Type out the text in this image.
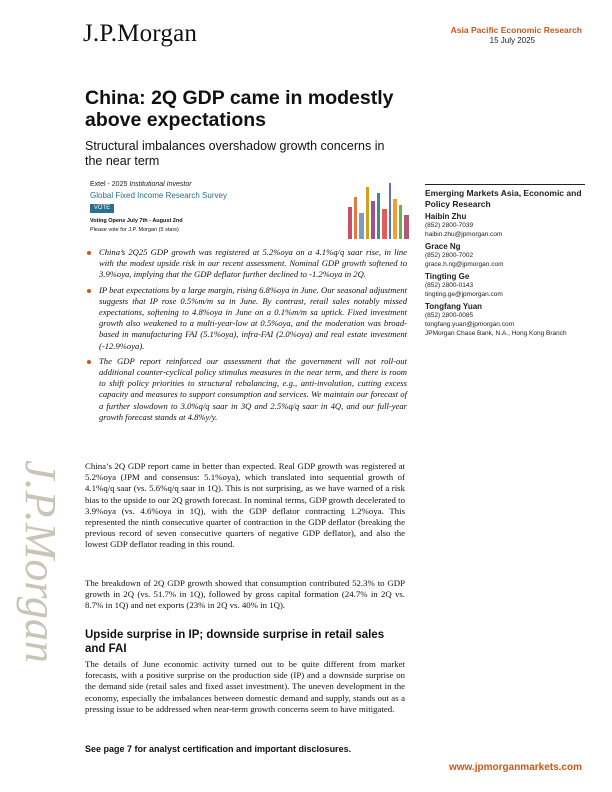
J.P.Morgan	Asia Pacific Economic Research
15 July 2025
China: 2Q GDP came in modestly above expectations
Structural imbalances overshadow growth concerns in the near term
Extel - 2025 Institutional Investor
Global Fixed Income Research Survey
VOTE
Voting Opens July 7th - August 2nd
Please vote for J.P. Morgan (5 stars)
China’s 2Q25 GDP growth was registered at 5.2%oya on a 4.1%q/q saar rise, in line with the modest upside risk in our recent assessment. Nominal GDP growth softened to 3.9%oya, implying that the GDP deflator further declined to -1.2%oya in 2Q.
IP beat expectations by a large margin, rising 6.8%oya in June. Our seasonal adjustment suggests that IP rose 0.5%m/m sa in June. By contrast, retail sales notably missed expectations, softening to 4.8%oya in June on a 0.1%m/m sa uptick. Fixed investment growth also weakened to a multi-year-low at 0.5%oya, and the moderation was broad-based in manufacturing FAI (5.1%oya), infra-FAI (2.0%oya) and real estate investment (-12.9%oya).
The GDP report reinforced our assessment that the government will not roll-out additional counter-cyclical policy stimulus measures in the near term, and there is room to shift policy priorities to structural rebalancing, e.g., anti-involution, cutting excess capacity and measures to support consumption and services. We maintain our forecast of a further slowdown to 3.0%q/q saar in 3Q and 2.5%q/q saar in 4Q, and our full-year growth forecast stands at 4.8%y/y.
China’s 2Q GDP report came in better than expected. Real GDP growth was registered at 5.2%oya (JPM and consensus: 5.1%oya), which translated into sequential growth of 4.1%q/q saar (vs. 5.6%q/q saar in 1Q). This is not surprising, as we have warned of a risk bias to the upside to our 2Q growth forecast. In nominal terms, GDP growth decelerated to 3.9%oya (vs. 4.6%oya in 1Q), with the GDP deflator contracting 1.2%oya. This represented the ninth consecutive quarter of contraction in the GDP deflator (breaking the previous record of seven consecutive quarters of negative GDP deflator), and also the lowest GDP deflator reading in this round.
The breakdown of 2Q GDP growth showed that consumption contributed 52.3% to GDP growth in 2Q (vs. 51.7% in 1Q), followed by gross capital formation (24.7% in 2Q vs. 8.7% in 1Q) and net exports (23% in 2Q vs. 40% in 1Q).
Upside surprise in IP; downside surprise in retail sales and FAI
The details of June economic activity turned out to be quite different from market forecasts, with a positive surprise on the production side (IP) and a downside surprise on the demand side (retail sales and fixed asset investment). The uneven development in the economy, especially the imbalances between domestic demand and supply, stands out as a pressing issue to be addressed when near-term growth concerns seem to have mitigated.
See page 7 for analyst certification and important disclosures.
www.jpmorganmarkets.com
Emerging Markets Asia, Economic and Policy Research
Haibin Zhu
(852) 2800-7039
haibin.zhu@jpmorgan.com
Grace Ng
(852) 2800-7002
grace.h.ng@jpmorgan.com
Tingting Ge
(852) 2800-0143
tingting.ge@jpmorgan.com
Tongfang Yuan
(852) 2800-0085
tongfang.yuan@jpmorgan.com
JPMorgan Chase Bank, N.A., Hong Kong Branch
J.P.Morgan
